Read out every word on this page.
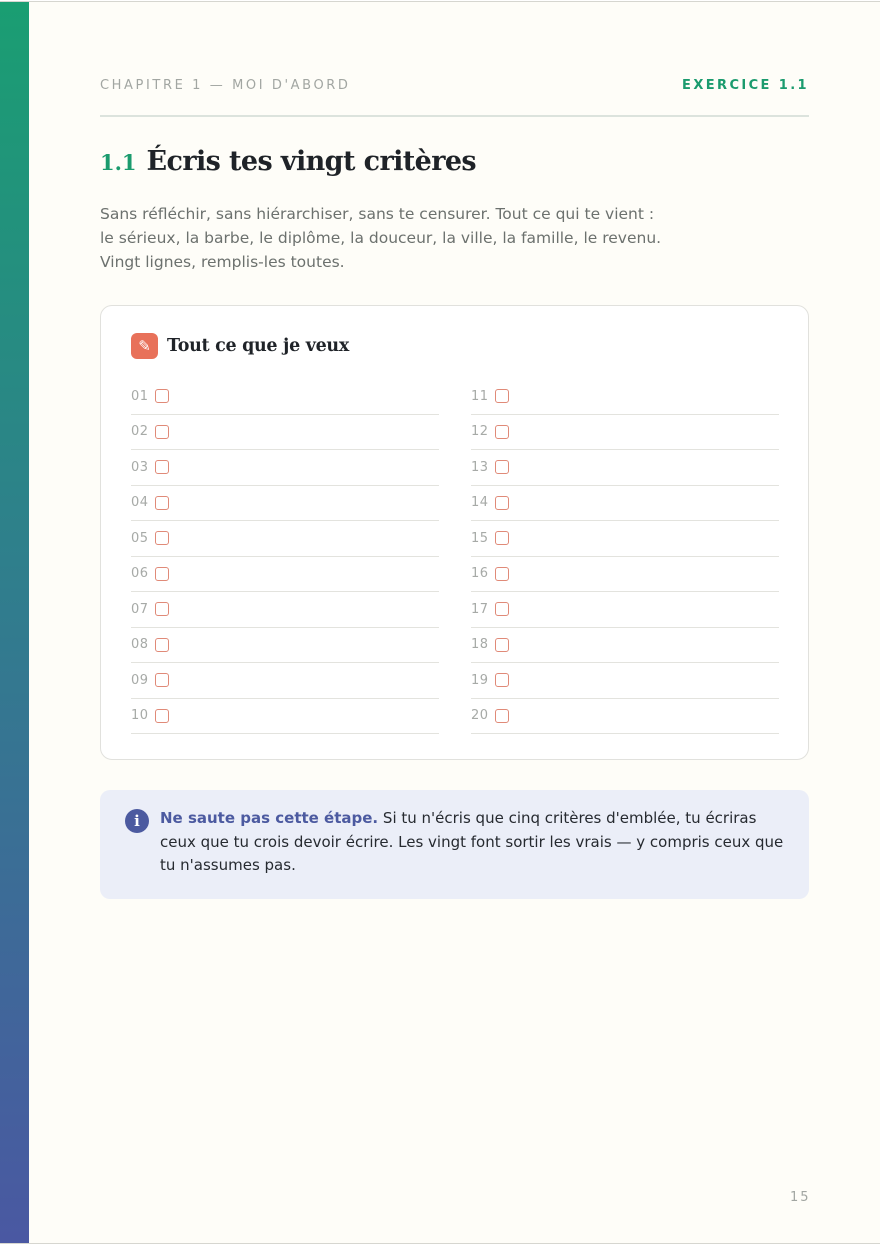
CHAPITRE 1 — MOI D'ABORD	EXERCICE 1.1
1.1 Écris tes vingt critères

Sans réfléchir, sans hiérarchiser, sans te censurer. Tout ce qui te vient :
le sérieux, la barbe, le diplôme, la douceur, la ville, la famille, le revenu.
Vingt lignes, remplis-les toutes.

✎ Tout ce que je veux
01
02
03
04
05
06
07
08
09
10
11
12
13
14
15
16
17
18
19
20
i	Ne saute pas cette étape. Si tu n'écris que cinq critères d'emblée, tu écriras ceux que tu crois devoir écrire. Les vingt font sortir les vrais — y compris ceux que tu n'assumes pas.

15
